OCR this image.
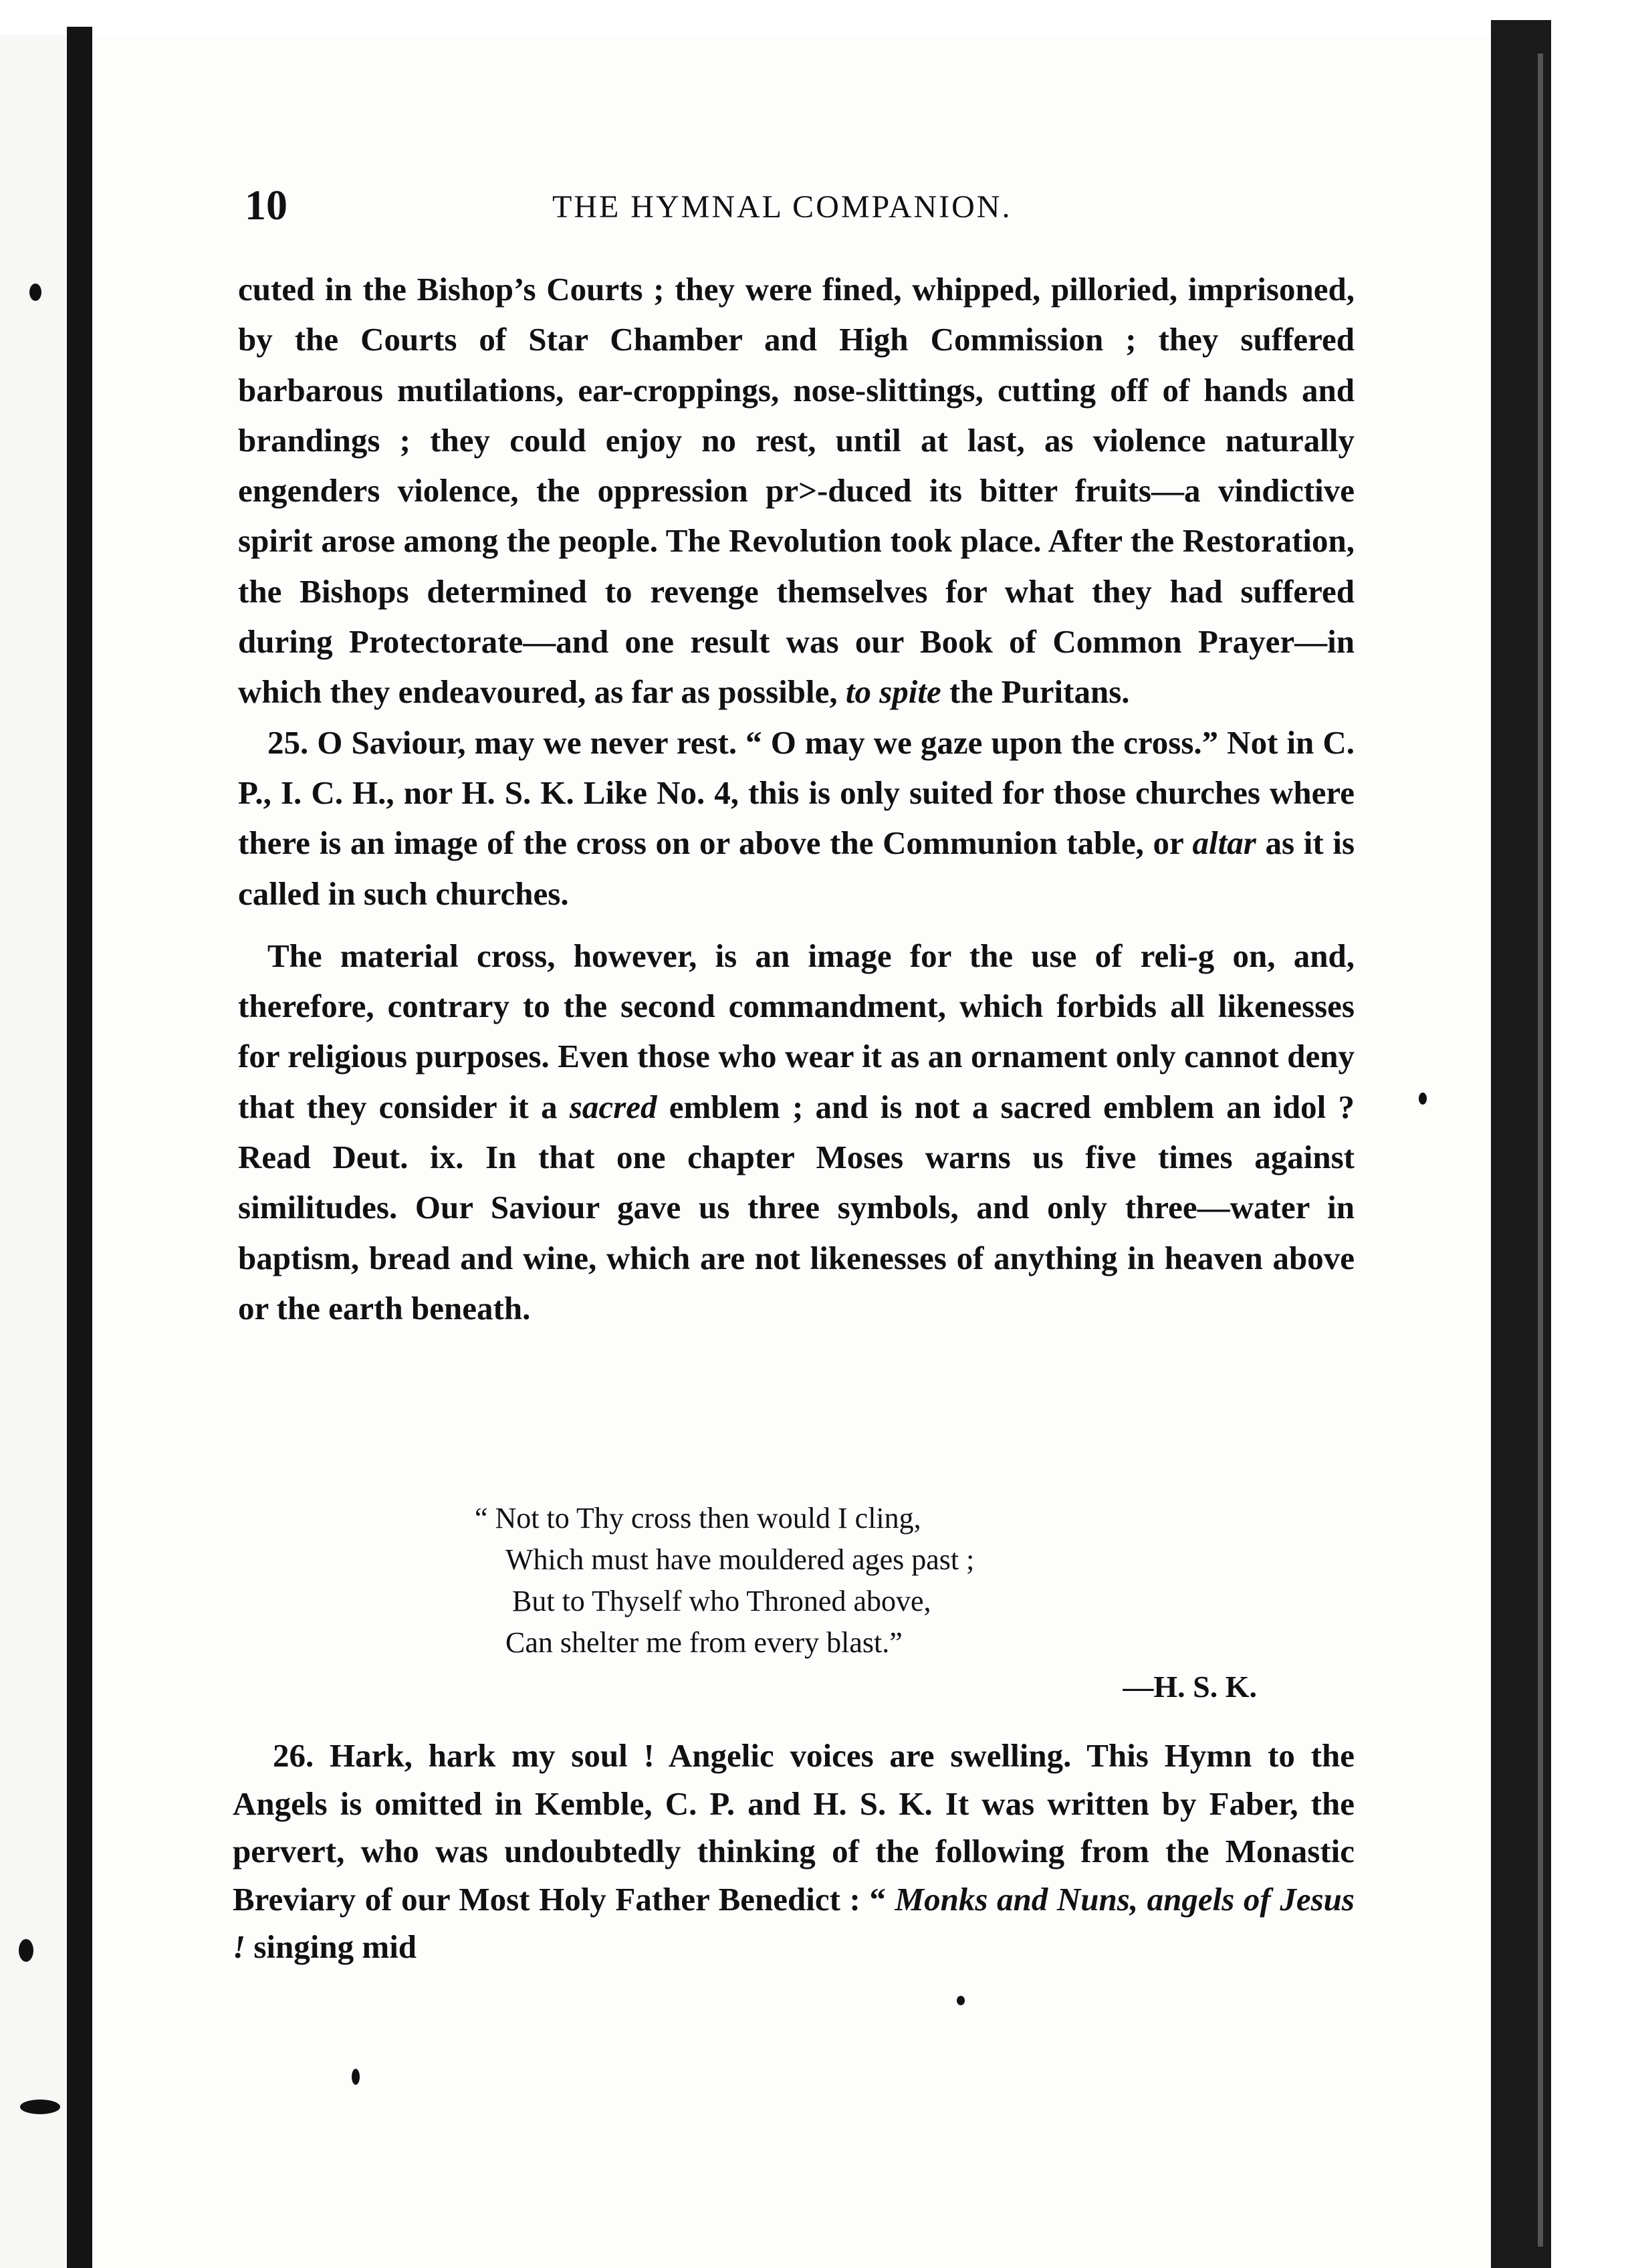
10	THE HYMNAL COMPANION.

cuted in the Bishop’s Courts ; they were fined, whipped, pilloried, imprisoned, by the Courts of Star Chamber and High Commission ; they suffered barbarous mutilations, ear-croppings, nose-slittings, cutting off of hands and brandings ; they could enjoy no rest, until at last, as violence naturally engenders violence, the oppression pr>-duced its bitter fruits—a vindictive spirit arose among the people. The Revolution took place. After the Restoration, the Bishops determined to revenge themselves for what they had suffered during Protectorate—and one result was our Book of Common Prayer—in which they endeavoured, as far as possible, to spite the Puritans.

25. O Saviour, may we never rest. “ O may we gaze upon the cross.” Not in C. P., I. C. H., nor H. S. K. Like No. 4, this is only suited for those churches where there is an image of the cross on or above the Communion table, or altar as it is called in such churches.

The material cross, however, is an image for the use of reli-g on, and, therefore, contrary to the second commandment, which forbids all likenesses for religious purposes. Even those who wear it as an ornament only cannot deny that they consider it a sacred emblem ; and is not a sacred emblem an idol ? Read Deut. ix. In that one chapter Moses warns us five times against similitudes. Our Saviour gave us three symbols, and only three—water in baptism, bread and wine, which are not likenesses of anything in heaven above or the earth beneath.

“ Not to Thy cross then would I cling,
Which must have mouldered ages past ;
But to Thyself who Throned above,
Can shelter me from every blast.”
—H. S. K.
26. Hark, hark my soul ! Angelic voices are swelling. This Hymn to the Angels is omitted in Kemble, C. P. and H. S. K. It was written by Faber, the pervert, who was undoubtedly thinking of the following from the Monastic Breviary of our Most Holy Father Benedict : “ Monks and Nuns, angels of Jesus ! singing mid
